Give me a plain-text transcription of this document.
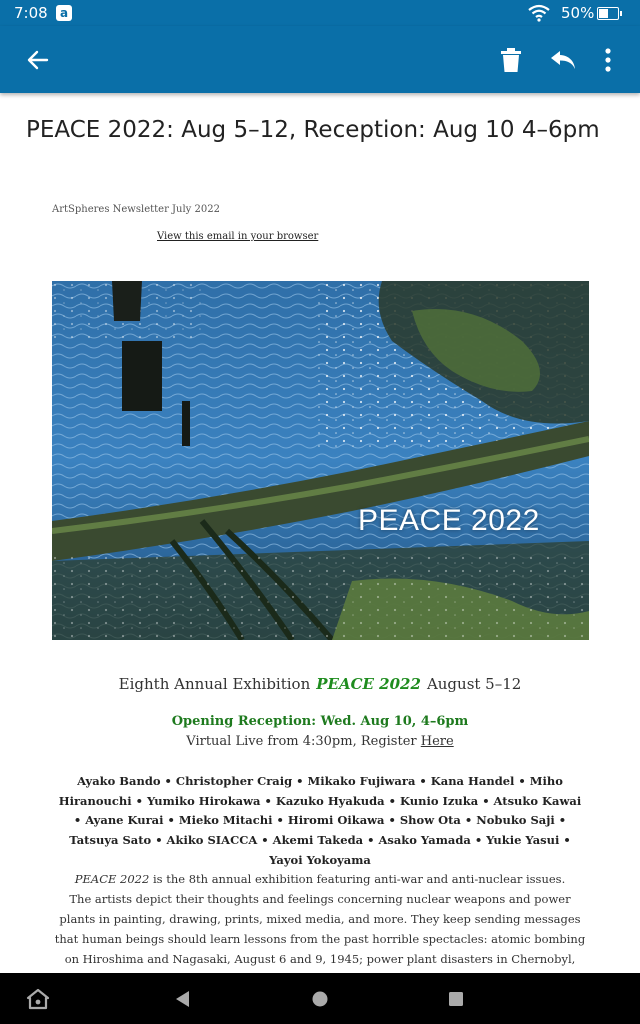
7:08	a	50%
PEACE 2022: Aug 5–12, Reception: Aug 10 4–6pm
ArtSpheres Newsletter July 2022
View this email in your browser
PEACE 2022
Eighth Annual Exhibition PEACE 2022 August 5–12
Opening Reception: Wed. Aug 10, 4–6pm
Virtual Live from 4:30pm, Register Here
Ayako Bando • Christopher Craig • Mikako Fujiwara • Kana Handel • Miho Hiranouchi • Yumiko Hirokawa • Kazuko Hyakuda • Kunio Izuka • Atsuko Kawai • Ayane Kurai • Mieko Mitachi • Hiromi Oikawa • Show Ota • Nobuko Saji • Tatsuya Sato • Akiko SIACCA • Akemi Takeda • Asako Yamada • Yukie Yasui • Yayoi Yokoyama
PEACE 2022 is the 8th annual exhibition featuring anti-war and anti-nuclear issues.
The artists depict their thoughts and feelings concerning nuclear weapons and power plants in painting, drawing, prints, mixed media, and more. They keep sending messages that human beings should learn lessons from the past horrible spectacles: atomic bombing on Hiroshima and Nagasaki, August 6 and 9, 1945; power plant disasters in Chernobyl,
